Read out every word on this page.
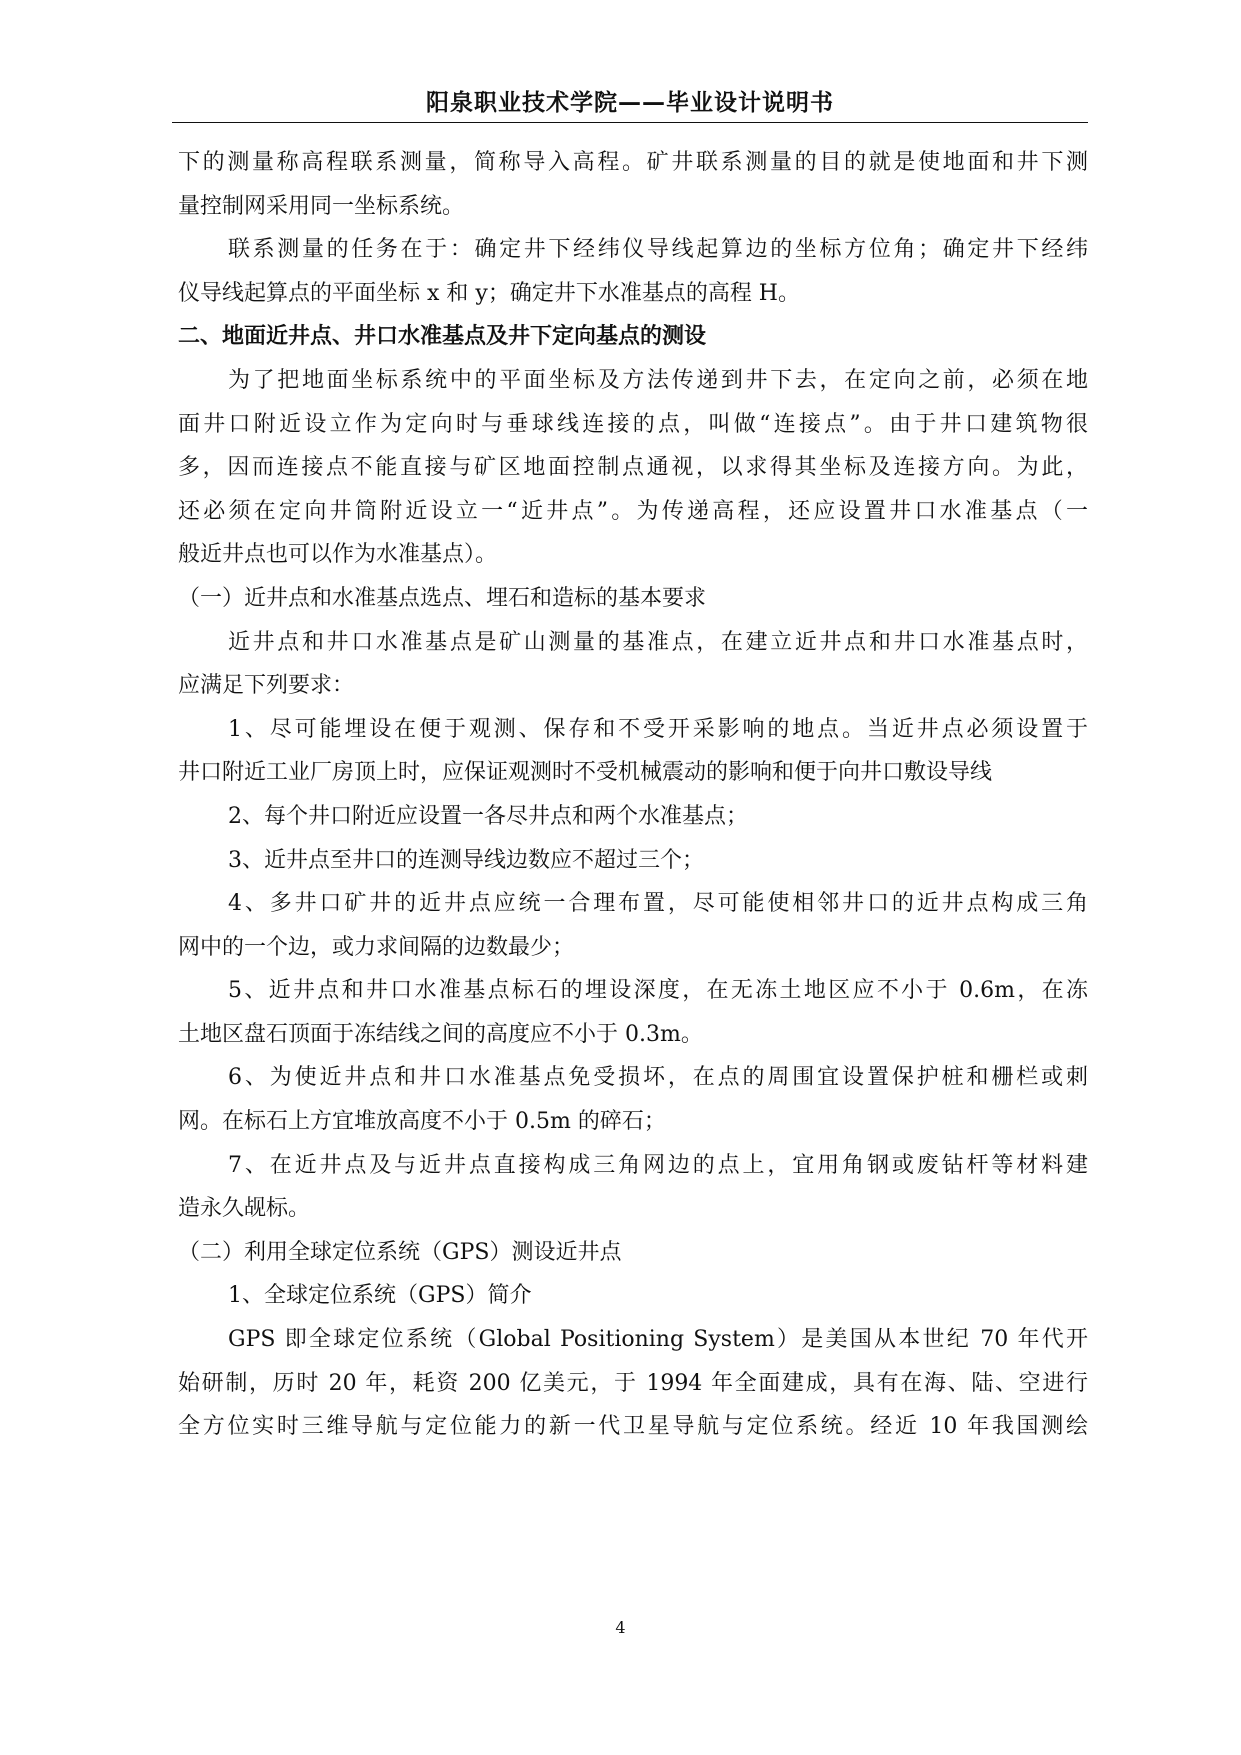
阳泉职业技术学院——毕业设计说明书
下的测量称高程联系测量，简称导入高程。矿井联系测量的目的就是使地面和井下测
量控制网采用同一坐标系统。
联系测量的任务在于：确定井下经纬仪导线起算边的坐标方位角；确定井下经纬
仪导线起算点的平面坐标 x 和 y；确定井下水准基点的高程 H。
二、地面近井点、井口水准基点及井下定向基点的测设
为了把地面坐标系统中的平面坐标及方法传递到井下去，在定向之前，必须在地
面井口附近设立作为定向时与垂球线连接的点，叫做“连接点”。由于井口建筑物很
多，因而连接点不能直接与矿区地面控制点通视，以求得其坐标及连接方向。为此，
还必须在定向井筒附近设立一“近井点”。为传递高程，还应设置井口水准基点（一
般近井点也可以作为水准基点）。
（一）近井点和水准基点选点、埋石和造标的基本要求
近井点和井口水准基点是矿山测量的基准点，在建立近井点和井口水准基点时，
应满足下列要求：
1、尽可能埋设在便于观测、保存和不受开采影响的地点。当近井点必须设置于
井口附近工业厂房顶上时，应保证观测时不受机械震动的影响和便于向井口敷设导线
2、每个井口附近应设置一各尽井点和两个水准基点；
3、近井点至井口的连测导线边数应不超过三个；
4、多井口矿井的近井点应统一合理布置，尽可能使相邻井口的近井点构成三角
网中的一个边，或力求间隔的边数最少；
5、近井点和井口水准基点标石的埋设深度，在无冻土地区应不小于 0.6m，在冻
土地区盘石顶面于冻结线之间的高度应不小于 0.3m。
6、为使近井点和井口水准基点免受损坏，在点的周围宜设置保护桩和栅栏或刺
网。在标石上方宜堆放高度不小于 0.5m 的碎石；
7、在近井点及与近井点直接构成三角网边的点上，宜用角钢或废钻杆等材料建
造永久觇标。
（二）利用全球定位系统（GPS）测设近井点
1、全球定位系统（GPS）简介
GPS 即全球定位系统（Global Positioning System）是美国从本世纪 70 年代开
始研制，历时 20 年，耗资 200 亿美元，于 1994 年全面建成，具有在海、陆、空进行
全方位实时三维导航与定位能力的新一代卫星导航与定位系统。经近 10 年我国测绘
4
